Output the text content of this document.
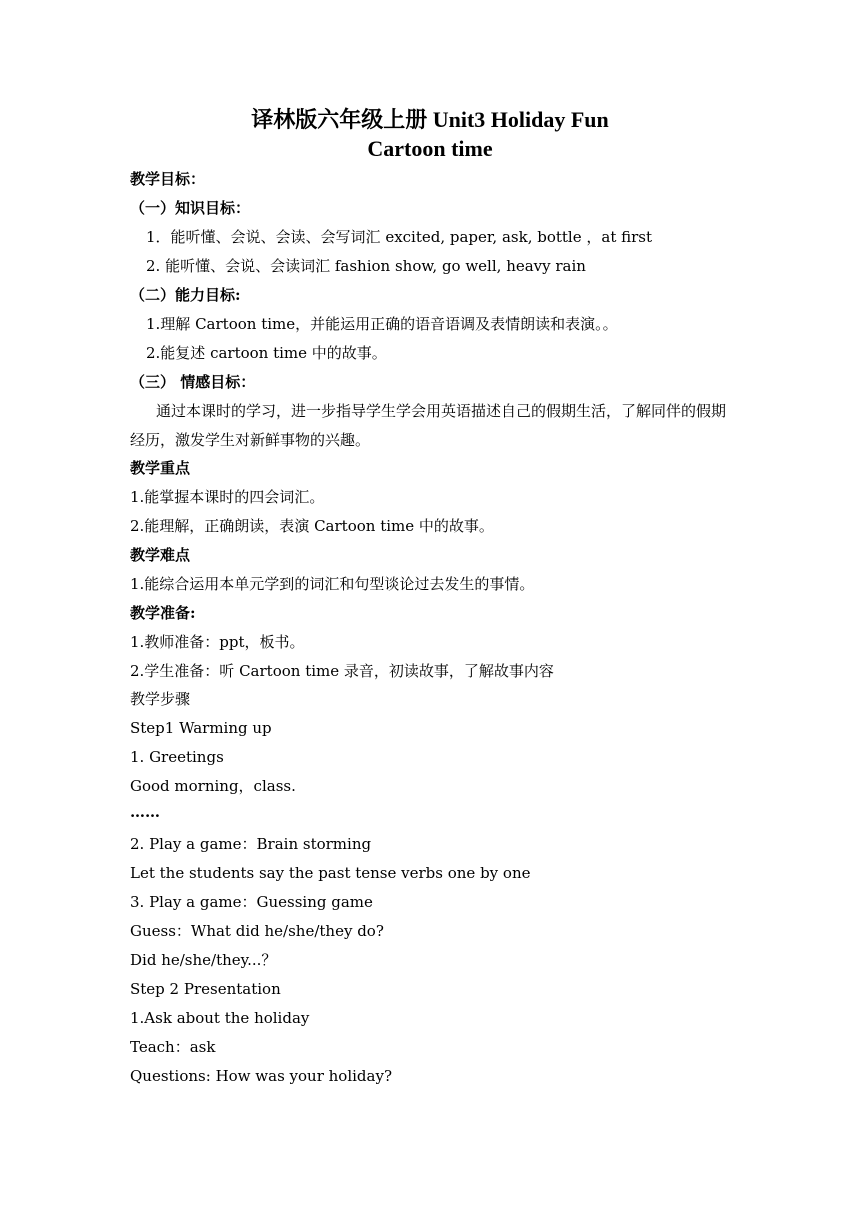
译林版六年级上册 Unit3 Holiday Fun
Cartoon time
教学目标：
（一）知识目标：
1．能听懂、会说、会读、会写词汇 excited, paper, ask, bottle ，at first
2. 能听懂、会说、会读词汇 fashion show, go well, heavy rain
（二）能力目标:
1.理解 Cartoon time，并能运用正确的语音语调及表情朗读和表演。。
2.能复述 cartoon time 中的故事。
（三） 情感目标：
通过本课时的学习，进一步指导学生学会用英语描述自己的假期生活，了解同伴的假期经历，激发学生对新鲜事物的兴趣。
教学重点
1.能掌握本课时的四会词汇。
2.能理解，正确朗读，表演 Cartoon time 中的故事。
教学难点
1.能综合运用本单元学到的词汇和句型谈论过去发生的事情。
教学准备:
1.教师准备：ppt，板书。
2.学生准备：听 Cartoon time 录音，初读故事，了解故事内容
教学步骤
Step1 Warming up
1. Greetings
Good morning，class.
……
2. Play a game：Brain storming
Let the students say the past tense verbs one by one
3. Play a game：Guessing game
Guess：What did he/she/they do?
Did he/she/they...？
Step 2 Presentation
1.Ask about the holiday
Teach：ask
Questions: How was your holiday?
